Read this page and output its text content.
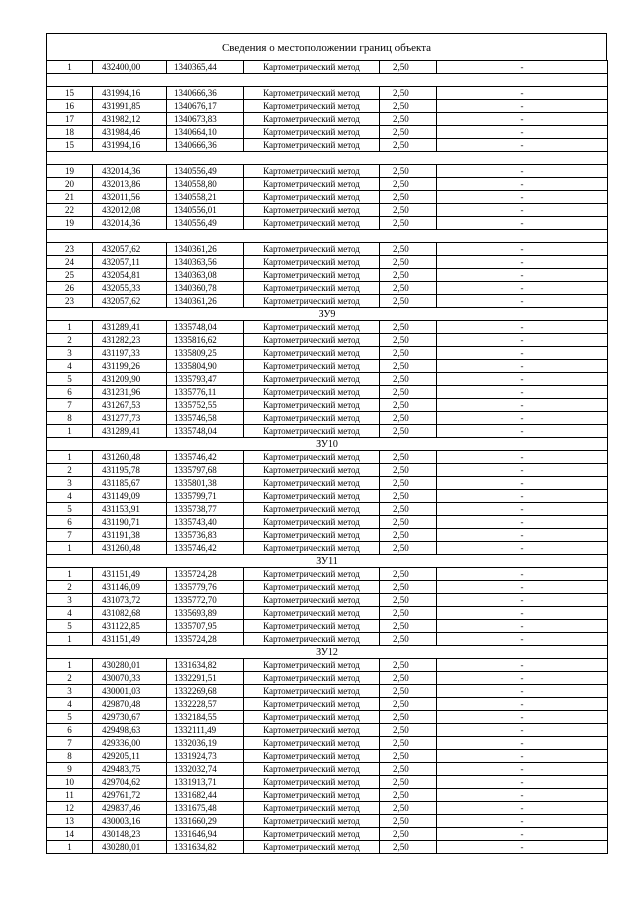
Сведения о местоположении границ объекта
1	432400,00	1340365,44	Картометрический метод	2,50	-

15	431994,16	1340666,36	Картометрический метод	2,50	-
16	431991,85	1340676,17	Картометрический метод	2,50	-
17	431982,12	1340673,83	Картометрический метод	2,50	-
18	431984,46	1340664,10	Картометрический метод	2,50	-
15	431994,16	1340666,36	Картометрический метод	2,50	-

19	432014,36	1340556,49	Картометрический метод	2,50	-
20	432013,86	1340558,80	Картометрический метод	2,50	-
21	432011,56	1340558,21	Картометрический метод	2,50	-
22	432012,08	1340556,01	Картометрический метод	2,50	-
19	432014,36	1340556,49	Картометрический метод	2,50	-

23	432057,62	1340361,26	Картометрический метод	2,50	-
24	432057,11	1340363,56	Картометрический метод	2,50	-
25	432054,81	1340363,08	Картометрический метод	2,50	-
26	432055,33	1340360,78	Картометрический метод	2,50	-
23	432057,62	1340361,26	Картометрический метод	2,50	-
ЗУ9					
1	431289,41	1335748,04	Картометрический метод	2,50	-
2	431282,23	1335816,62	Картометрический метод	2,50	-
3	431197,33	1335809,25	Картометрический метод	2,50	-
4	431199,26	1335804,90	Картометрический метод	2,50	-
5	431209,90	1335793,47	Картометрический метод	2,50	-
6	431231,96	1335776,11	Картометрический метод	2,50	-
7	431267,53	1335752,55	Картометрический метод	2,50	-
8	431277,73	1335746,58	Картометрический метод	2,50	-
1	431289,41	1335748,04	Картометрический метод	2,50	-
ЗУ10					
1	431260,48	1335746,42	Картометрический метод	2,50	-
2	431195,78	1335797,68	Картометрический метод	2,50	-
3	431185,67	1335801,38	Картометрический метод	2,50	-
4	431149,09	1335799,71	Картометрический метод	2,50	-
5	431153,91	1335738,77	Картометрический метод	2,50	-
6	431190,71	1335743,40	Картометрический метод	2,50	-
7	431191,38	1335736,83	Картометрический метод	2,50	-
1	431260,48	1335746,42	Картометрический метод	2,50	-
ЗУ11					
1	431151,49	1335724,28	Картометрический метод	2,50	-
2	431146,09	1335779,76	Картометрический метод	2,50	-
3	431073,72	1335772,70	Картометрический метод	2,50	-
4	431082,68	1335693,89	Картометрический метод	2,50	-
5	431122,85	1335707,95	Картометрический метод	2,50	-
1	431151,49	1335724,28	Картометрический метод	2,50	-
ЗУ12					
1	430280,01	1331634,82	Картометрический метод	2,50	-
2	430070,33	1332291,51	Картометрический метод	2,50	-
3	430001,03	1332269,68	Картометрический метод	2,50	-
4	429870,48	1332228,57	Картометрический метод	2,50	-
5	429730,67	1332184,55	Картометрический метод	2,50	-
6	429498,63	1332111,49	Картометрический метод	2,50	-
7	429336,00	1332036,19	Картометрический метод	2,50	-
8	429205,11	1331924,73	Картометрический метод	2,50	-
9	429483,75	1332032,74	Картометрический метод	2,50	-
10	429704,62	1331913,71	Картометрический метод	2,50	-
11	429761,72	1331682,44	Картометрический метод	2,50	-
12	429837,46	1331675,48	Картометрический метод	2,50	-
13	430003,16	1331660,29	Картометрический метод	2,50	-
14	430148,23	1331646,94	Картометрический метод	2,50	-
1	430280,01	1331634,82	Картометрический метод	2,50	-
